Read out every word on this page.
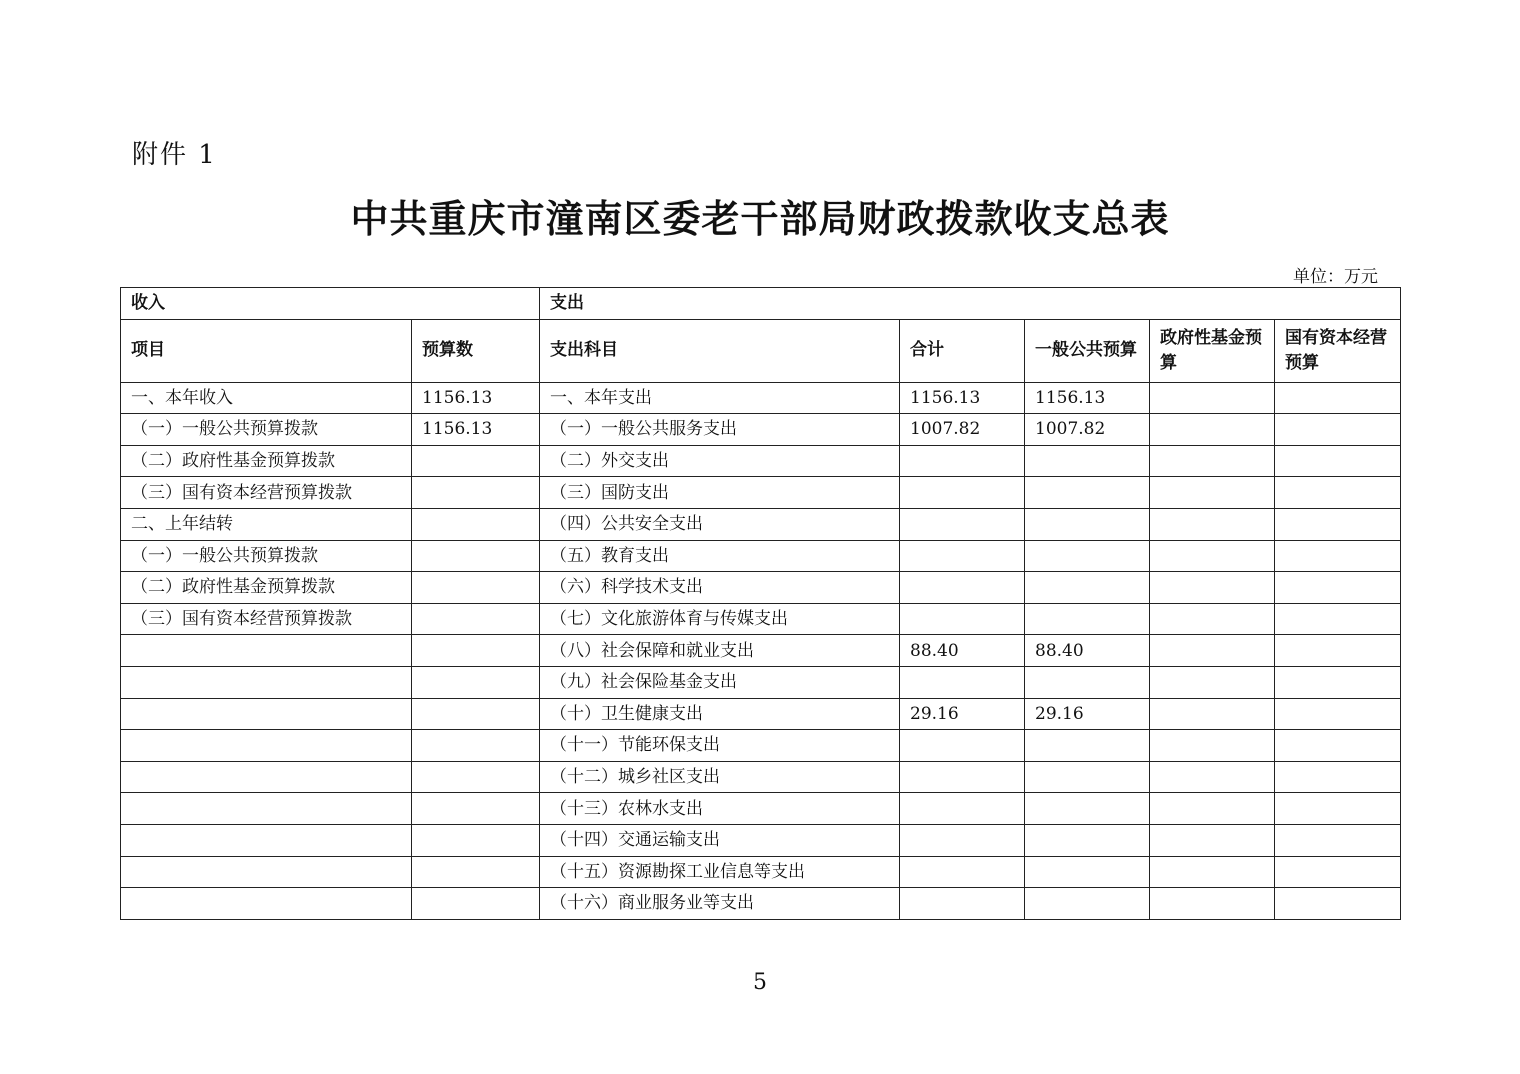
附件 1
中共重庆市潼南区委老干部局财政拨款收支总表
单位：万元
收入		支出				
项目	预算数	支出科目	合计	一般公共预算	政府性基金预算	国有资本经营预算
一、本年收入	1156.13	一、本年支出	1156.13	1156.13		
（一）一般公共预算拨款	1156.13	（一）一般公共服务支出	1007.82	1007.82		
（二）政府性基金预算拨款		（二）外交支出				
（三）国有资本经营预算拨款		（三）国防支出				
二、上年结转		（四）公共安全支出				
（一）一般公共预算拨款		（五）教育支出				
（二）政府性基金预算拨款		（六）科学技术支出				
（三）国有资本经营预算拨款		（七）文化旅游体育与传媒支出				
		（八）社会保障和就业支出	88.40	88.40		
		（九）社会保险基金支出				
		（十）卫生健康支出	29.16	29.16		
		（十一）节能环保支出				
		（十二）城乡社区支出				
		（十三）农林水支出				
		（十四）交通运输支出				
		（十五）资源勘探工业信息等支出				
		（十六）商业服务业等支出				
5
